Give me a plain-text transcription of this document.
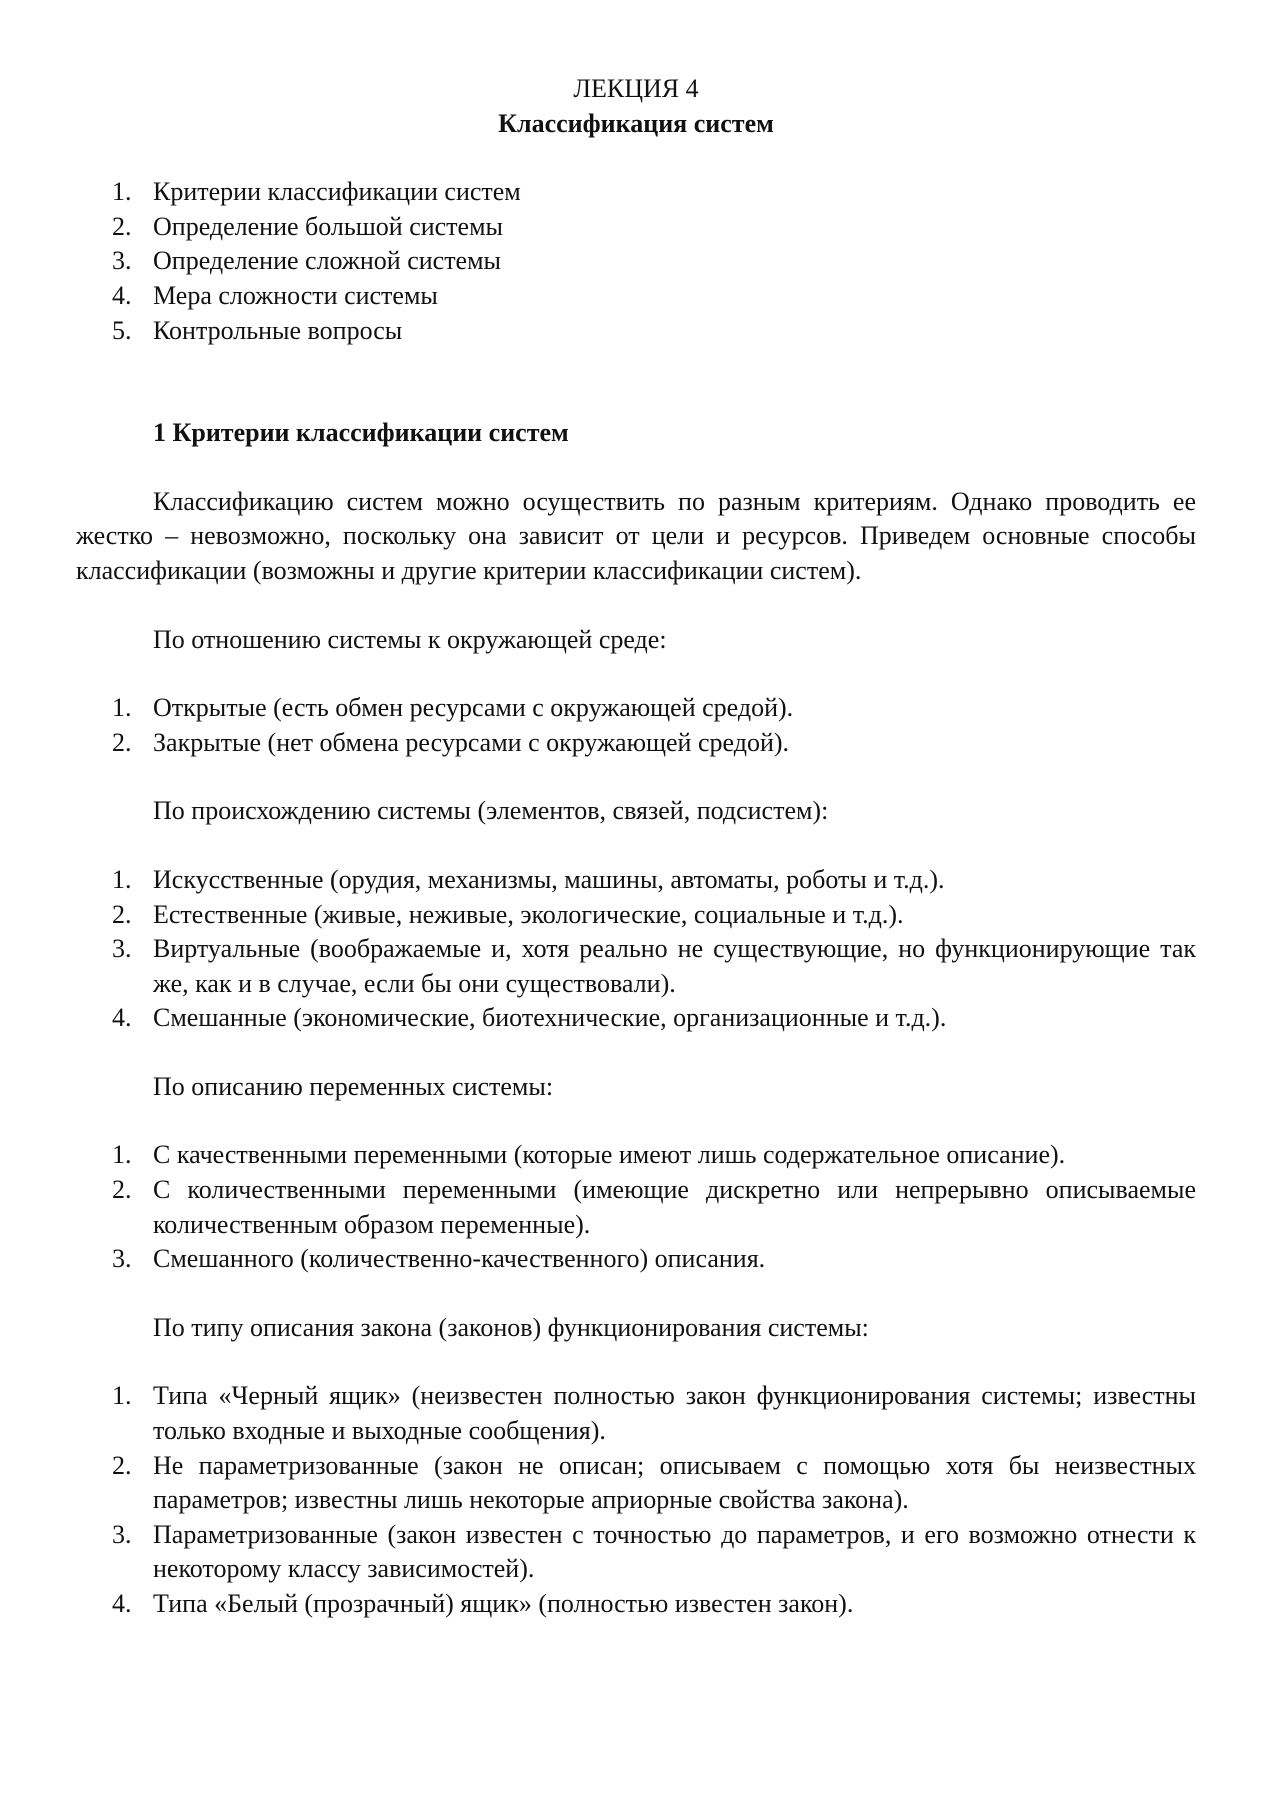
ЛЕКЦИЯ 4

Классификация систем

1. Критерии классификации систем
2. Определение большой системы
3. Определение сложной системы
4. Мера сложности системы
5. Контрольные вопросы

1 Критерии классификации систем

Классификацию систем можно осуществить по разным критериям. Однако проводить ее жестко – невозможно, поскольку она зависит от цели и ресурсов. Приведем основные способы классификации (возможны и другие критерии классификации систем).

По отношению системы к окружающей среде:

1. Открытые (есть обмен ресурсами с окружающей средой).
2. Закрытые (нет обмена ресурсами с окружающей средой).

По происхождению системы (элементов, связей, подсистем):

1. Искусственные (орудия, механизмы, машины, автоматы, роботы и т.д.).
2. Естественные (живые, неживые, экологические, социальные и т.д.).
3. Виртуальные (воображаемые и, хотя реально не существующие, но функционирующие так же, как и в случае, если бы они существовали).
4. Смешанные (экономические, биотехнические, организационные и т.д.).

По описанию переменных системы:

1. С качественными переменными (которые имеют лишь содержательное описание).
2. С количественными переменными (имеющие дискретно или непрерывно описываемые количественным образом переменные).
3. Смешанного (количественно-качественного) описания.

По типу описания закона (законов) функционирования системы:

1. Типа «Черный ящик» (неизвестен полностью закон функционирования системы; известны только входные и выходные сообщения).
2. Не параметризованные (закон не описан; описываем с помощью хотя бы неизвестных параметров; известны лишь некоторые априорные свойства закона).
3. Параметризованные (закон известен с точностью до параметров, и его возможно отнести к некоторому классу зависимостей).
4. Типа «Белый (прозрачный) ящик» (полностью известен закон).
